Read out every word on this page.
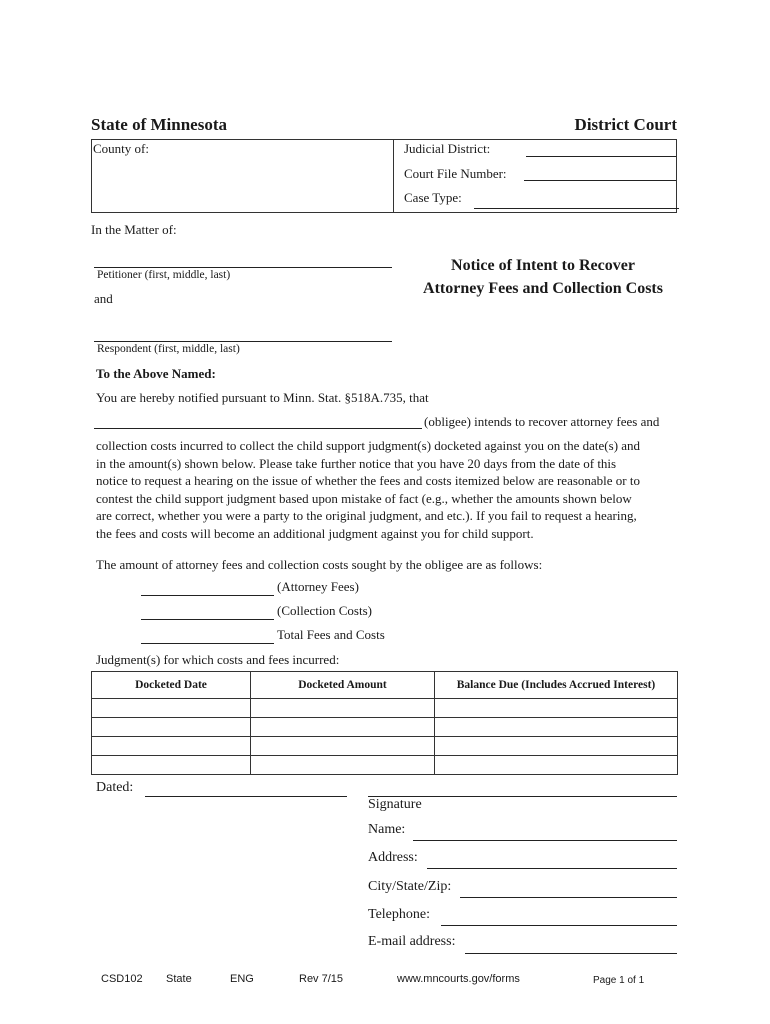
State of Minnesota	District Court
County of:	Judicial District:
Court File Number:
Case Type:
In the Matter of:
Petitioner (first, middle, last)
and
Respondent (first, middle, last)
Notice of Intent to Recover
Attorney Fees and Collection Costs
To the Above Named:
You are hereby notified pursuant to Minn. Stat. §518A.735, that
(obligee) intends to recover attorney fees and
collection costs incurred to collect the child support judgment(s) docketed against you on the date(s) and
in the amount(s) shown below. Please take further notice that you have 20 days from the date of this
notice to request a hearing on the issue of whether the fees and costs itemized below are reasonable or to
contest the child support judgment based upon mistake of fact (e.g., whether the amounts shown below
are correct, whether you were a party to the original judgment, and etc.). If you fail to request a hearing,
the fees and costs will become an additional judgment against you for child support.
The amount of attorney fees and collection costs sought by the obligee are as follows:
(Attorney Fees)
(Collection Costs)
Total Fees and Costs
Judgment(s) for which costs and fees incurred:
Docketed Date	Docketed Amount	Balance Due (Includes Accrued Interest)

Dated:
Signature
Name:
Address:
City/State/Zip:
Telephone:
E-mail address:
CSD102 State	ENG	Rev 7/15	www.mncourts.gov/forms	Page 1 of 1
